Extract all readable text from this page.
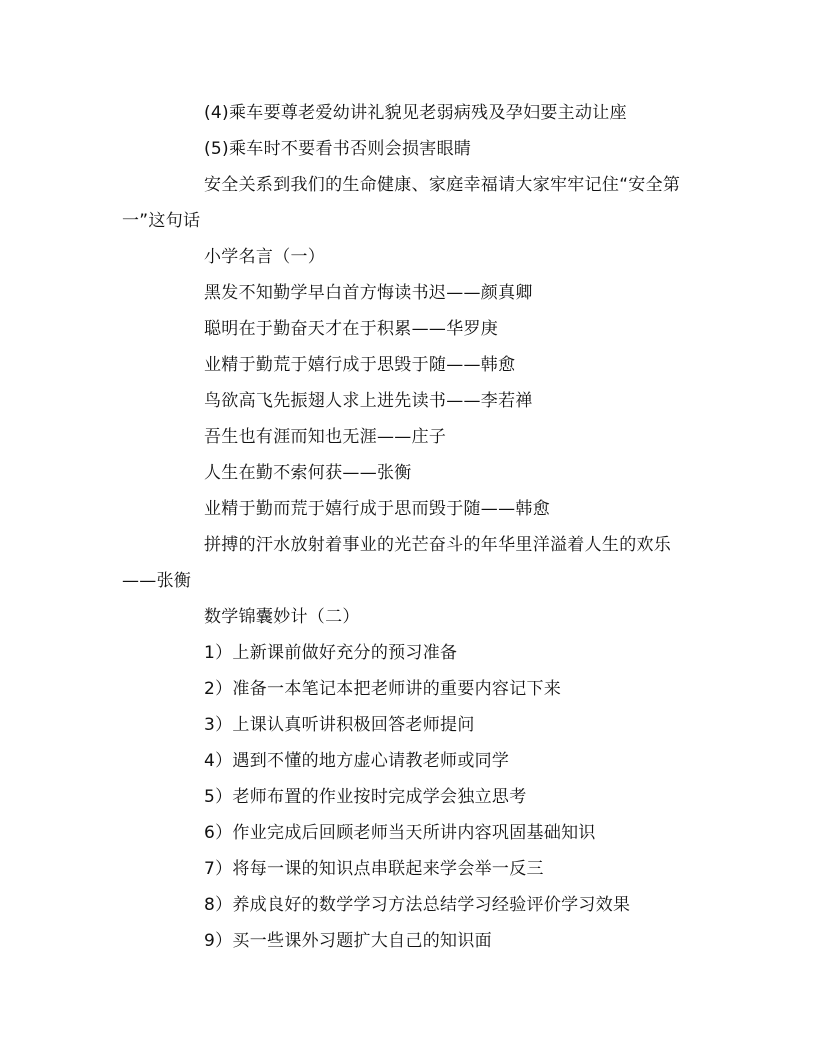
(4)乘车要尊老爱幼讲礼貌见老弱病残及孕妇要主动让座

(5)乘车时不要看书否则会损害眼睛

安全关系到我们的生命健康、家庭幸福请大家牢牢记住“安全第一”这句话

小学名言（一）

黑发不知勤学早白首方悔读书迟——颜真卿

聪明在于勤奋天才在于积累——华罗庚

业精于勤荒于嬉行成于思毁于随——韩愈

鸟欲高飞先振翅人求上进先读书——李若禅

吾生也有涯而知也无涯——庄子

人生在勤不索何获——张衡

业精于勤而荒于嬉行成于思而毁于随——韩愈

拼搏的汗水放射着事业的光芒奋斗的年华里洋溢着人生的欢乐——张衡

数学锦囊妙计（二）

1）上新课前做好充分的预习准备

2）准备一本笔记本把老师讲的重要内容记下来

3）上课认真听讲积极回答老师提问

4）遇到不懂的地方虚心请教老师或同学

5）老师布置的作业按时完成学会独立思考

6）作业完成后回顾老师当天所讲内容巩固基础知识

7）将每一课的知识点串联起来学会举一反三

8）养成良好的数学学习方法总结学习经验评价学习效果

9）买一些课外习题扩大自己的知识面
